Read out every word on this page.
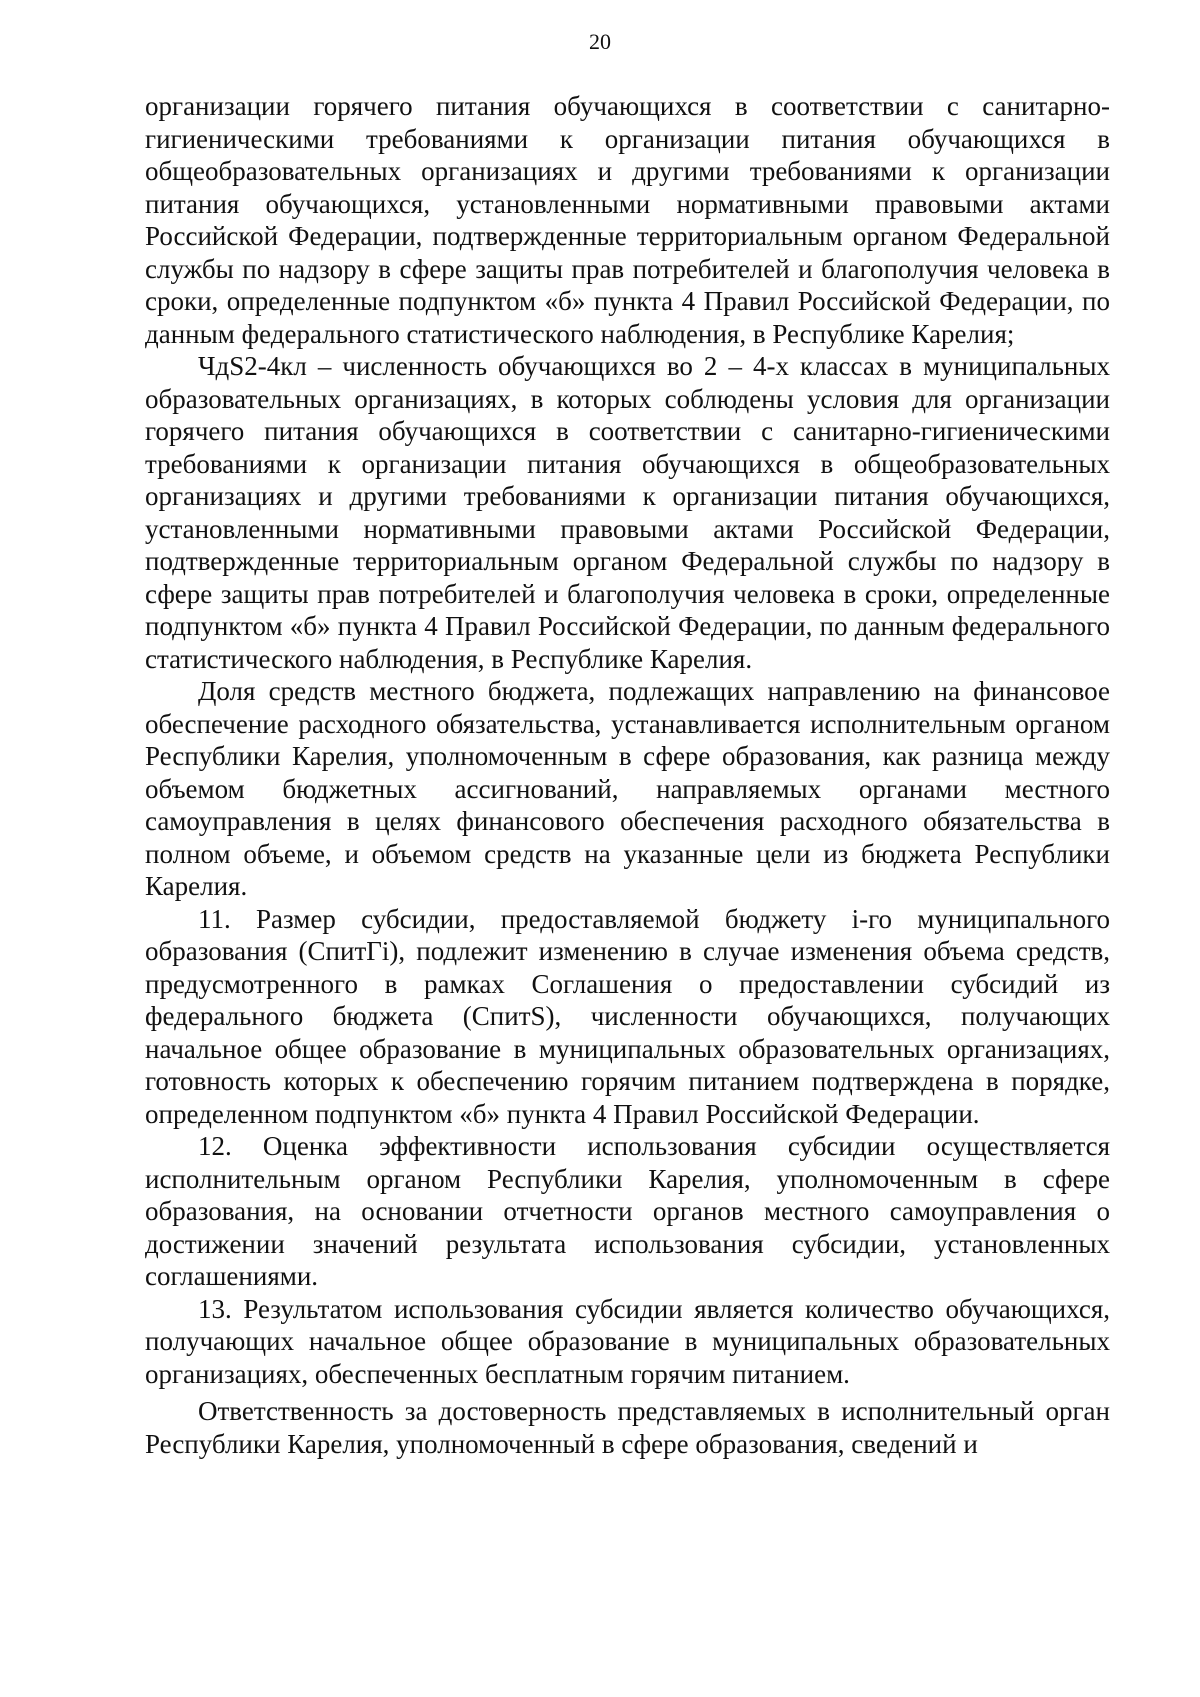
20

организации горячего питания обучающихся в соответствии с санитарно-гигиеническими требованиями к организации питания обучающихся в общеобразовательных организациях и другими требованиями к организации питания обучающихся, установленными нормативными правовыми актами Российской Федерации, подтвержденные территориальным органом Федеральной службы по надзору в сфере защиты прав потребителей и благополучия человека в сроки, определенные подпунктом «б» пункта 4 Правил Российской Федерации, по данным федерального статистического наблюдения, в Республике Карелия;

ЧдS2-4кл – численность обучающихся во 2 – 4-х классах в муниципальных образовательных организациях, в которых соблюдены условия для организации горячего питания обучающихся в соответствии с санитарно-гигиеническими требованиями к организации питания обучающихся в общеобразовательных организациях и другими требованиями к организации питания обучающихся, установленными нормативными правовыми актами Российской Федерации, подтвержденные территориальным органом Федеральной службы по надзору в сфере защиты прав потребителей и благополучия человека в сроки, определенные подпунктом «б» пункта 4 Правил Российской Федерации, по данным федерального статистического наблюдения, в Республике Карелия.

Доля средств местного бюджета, подлежащих направлению на финансовое обеспечение расходного обязательства, устанавливается исполнительным органом Республики Карелия, уполномоченным в сфере образования, как разница между объемом бюджетных ассигнований, направляемых органами местного самоуправления в целях финансового обеспечения расходного обязательства в полном объеме, и объемом средств на указанные цели из бюджета Республики Карелия.

11. Размер субсидии, предоставляемой бюджету i-го муниципального образования (СпитГi), подлежит изменению в случае изменения объема средств, предусмотренного в рамках Соглашения о предоставлении субсидий из федерального бюджета (СпитS), численности обучающихся, получающих начальное общее образование в муниципальных образовательных организациях, готовность которых к обеспечению горячим питанием подтверждена в порядке, определенном подпунктом «б» пункта 4 Правил Российской Федерации.

12. Оценка эффективности использования субсидии осуществляется исполнительным органом Республики Карелия, уполномоченным в сфере образования, на основании отчетности органов местного самоуправления о достижении значений результата использования субсидии, установленных соглашениями.

13. Результатом использования субсидии является количество обучающихся, получающих начальное общее образование в муниципальных образовательных организациях, обеспеченных бесплатным горячим питанием.

Ответственность за достоверность представляемых в исполнительный орган Республики Карелия, уполномоченный в сфере образования, сведений и
